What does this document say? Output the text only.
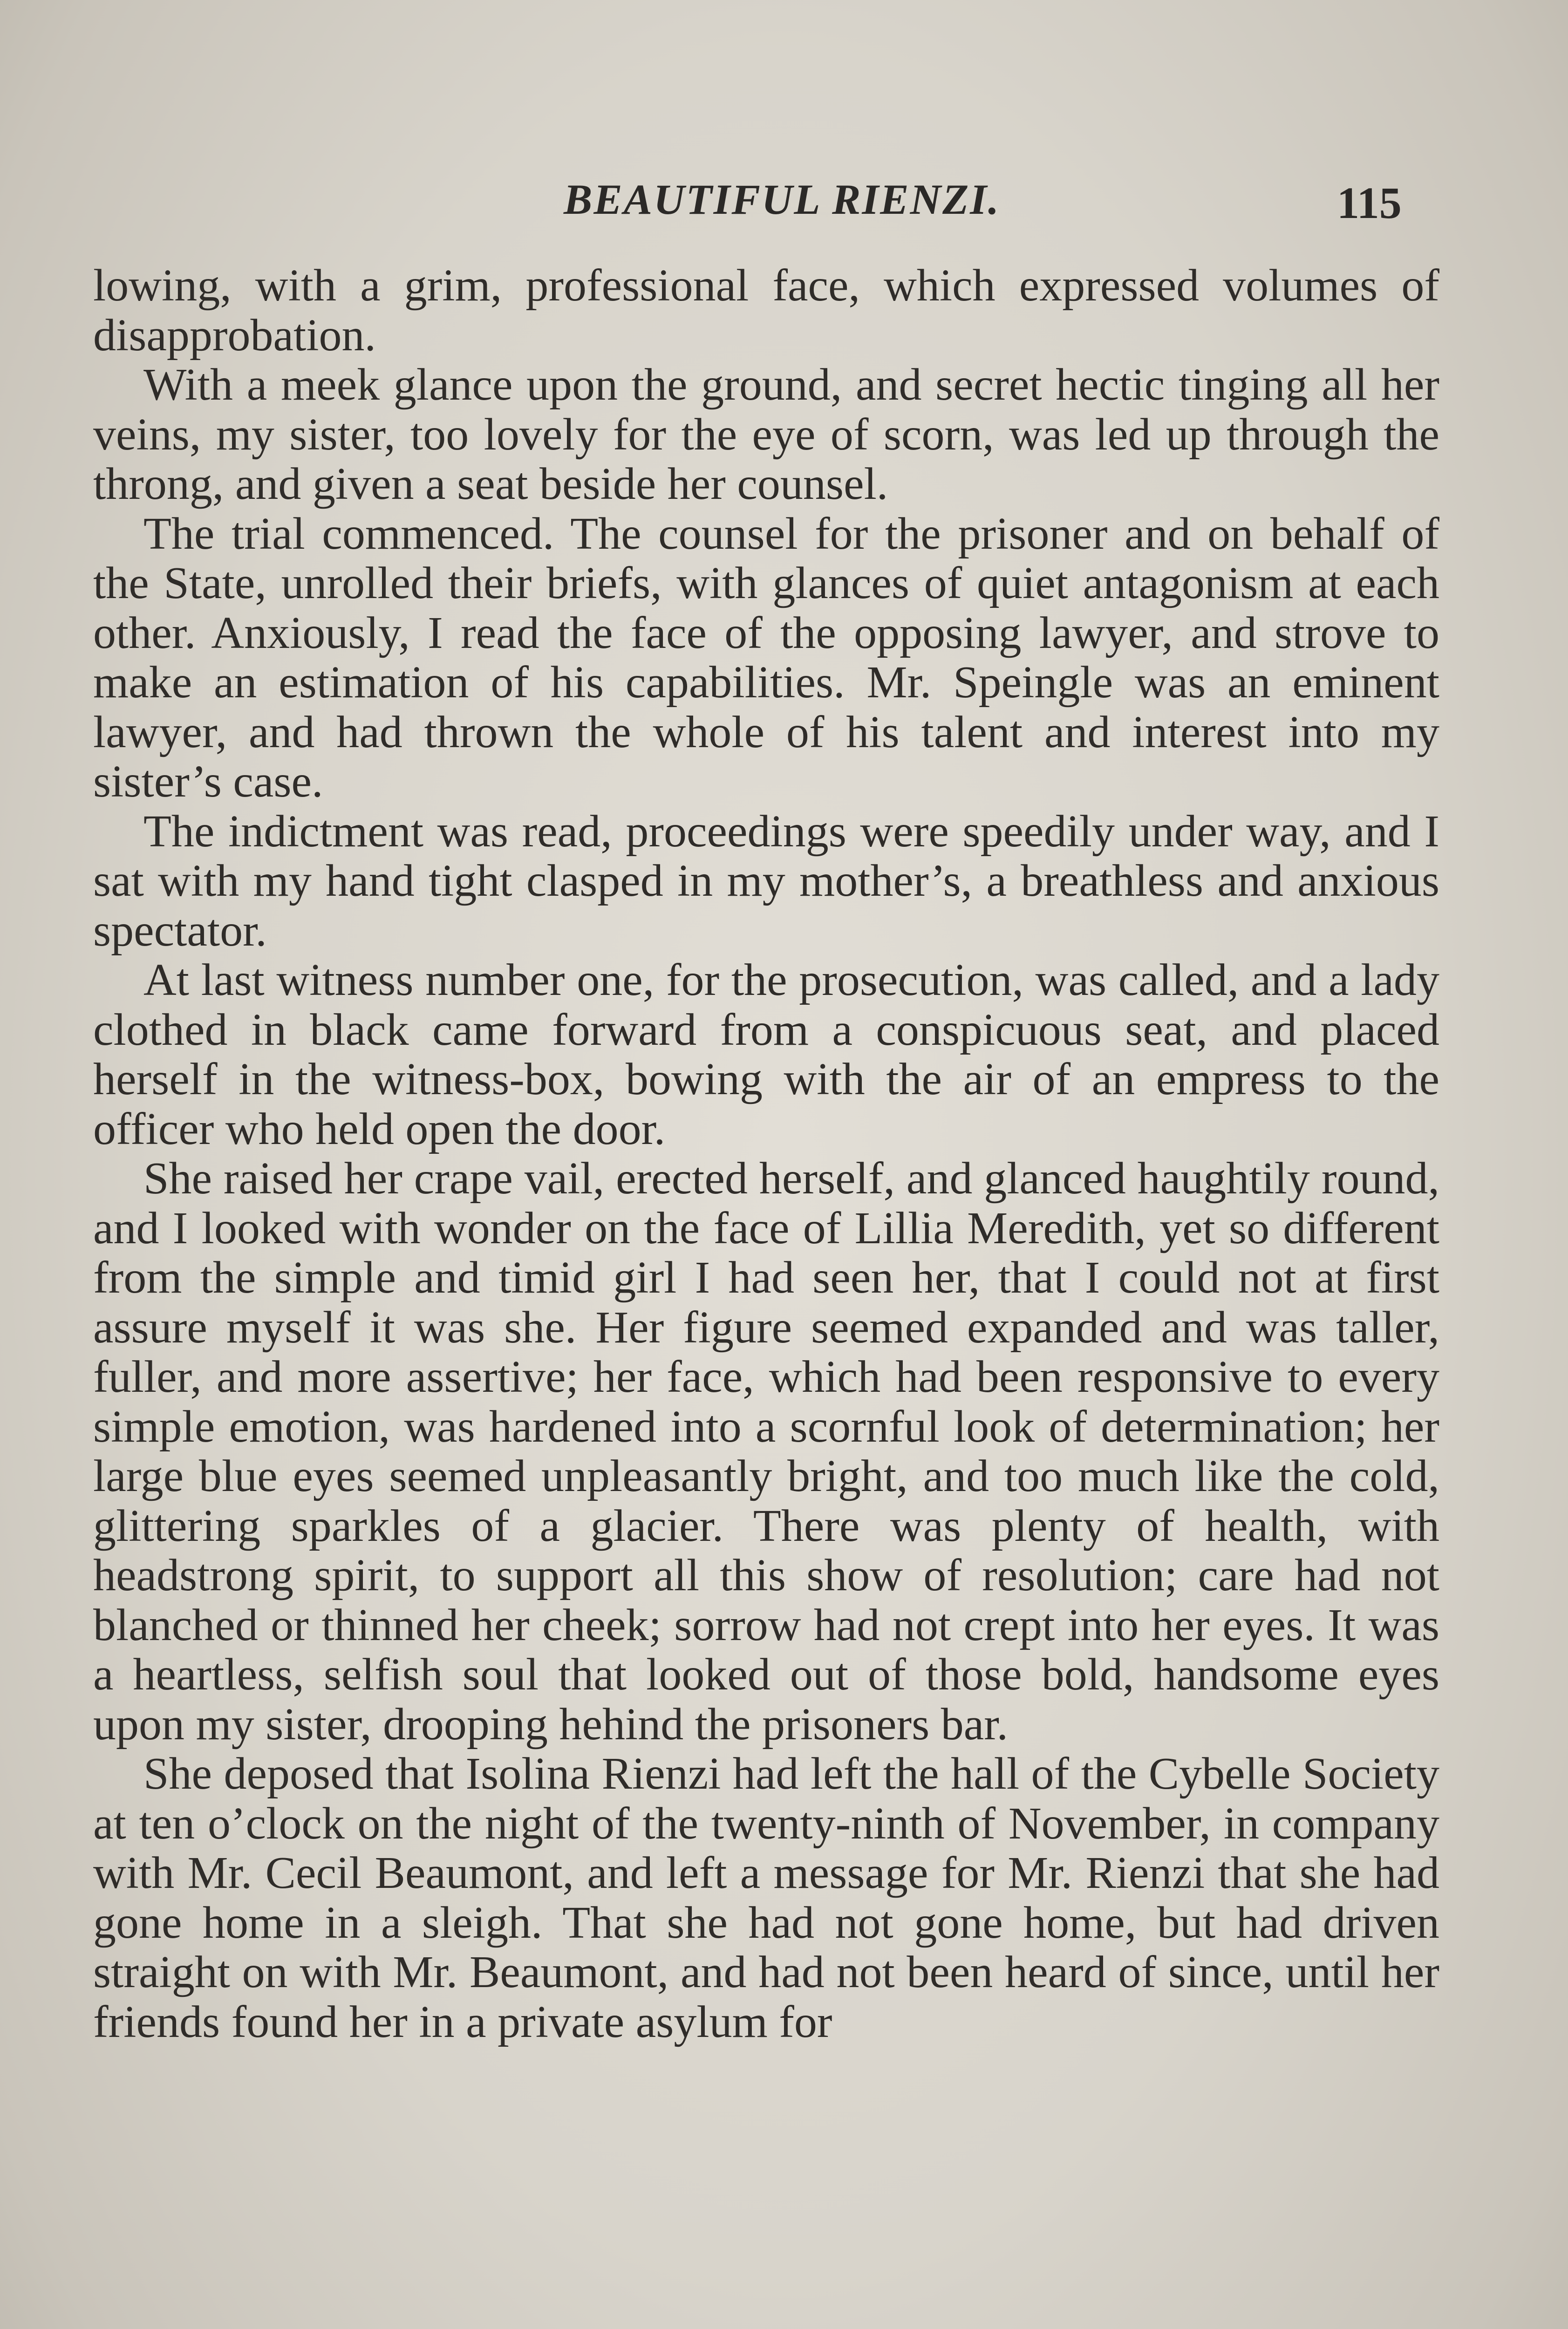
BEAUTIFUL RIENZI.	115

lowing, with a grim, professional face, which expressed volumes of disapprobation.

With a meek glance upon the ground, and secret hectic tinging all her veins, my sister, too lovely for the eye of scorn, was led up through the throng, and given a seat beside her counsel.

The trial commenced. The counsel for the prisoner and on behalf of the State, unrolled their briefs, with glances of quiet antagonism at each other. Anxiously, I read the face of the opposing lawyer, and strove to make an estimation of his capabilities. Mr. Speingle was an eminent lawyer, and had thrown the whole of his talent and interest into my sister’s case.

The indictment was read, proceedings were speedily under way, and I sat with my hand tight clasped in my mother’s, a breathless and anxious spectator.

At last witness number one, for the prosecution, was called, and a lady clothed in black came forward from a conspicuous seat, and placed herself in the witness-box, bowing with the air of an empress to the officer who held open the door.

She raised her crape vail, erected herself, and glanced haughtily round, and I looked with wonder on the face of Lillia Meredith, yet so different from the simple and timid girl I had seen her, that I could not at first assure myself it was she. Her figure seemed expanded and was taller, fuller, and more assertive; her face, which had been responsive to every simple emotion, was hardened into a scornful look of determination; her large blue eyes seemed unpleasantly bright, and too much like the cold, glittering sparkles of a glacier. There was plenty of health, with headstrong spirit, to support all this show of resolution; care had not blanched or thinned her cheek; sorrow had not crept into her eyes. It was a heartless, selfish soul that looked out of those bold, handsome eyes upon my sister, drooping hehind the prisoners bar.

She deposed that Isolina Rienzi had left the hall of the Cybelle Society at ten o’clock on the night of the twenty-ninth of November, in company with Mr. Cecil Beaumont, and left a message for Mr. Rienzi that she had gone home in a sleigh. That she had not gone home, but had driven straight on with Mr. Beaumont, and had not been heard of since, until her friends found her in a private asylum for
